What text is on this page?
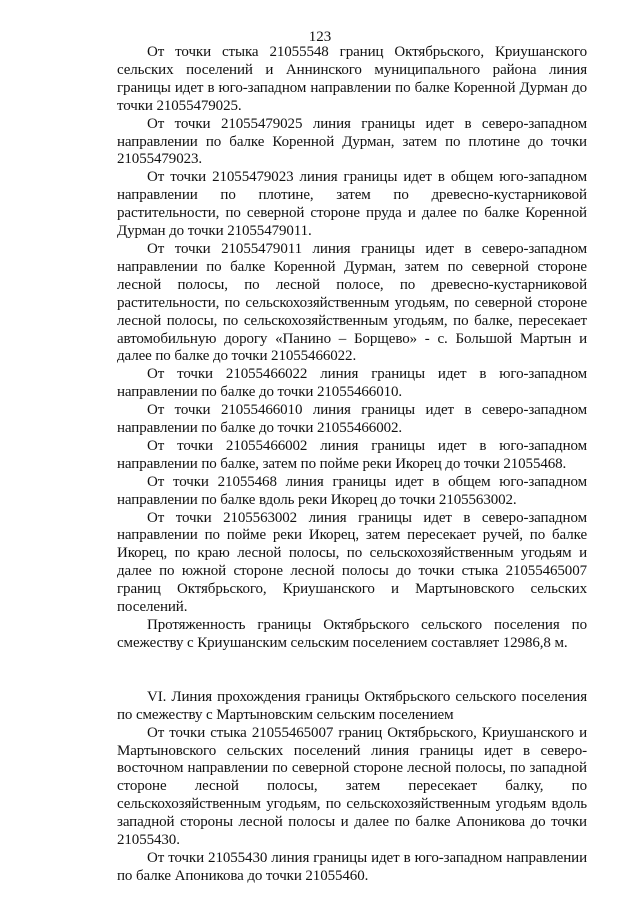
123

От точки стыка 21055548 границ Октябрьского, Криушанского сельских поселений и Аннинского муниципального района линия границы идет в юго-западном направлении по балке Коренной Дурман до точки 21055479025.

От точки 21055479025 линия границы идет в северо-западном направлении по балке Коренной Дурман, затем по плотине до точки 21055479023.

От точки 21055479023 линия границы идет в общем юго-западном направлении по плотине, затем по древесно-кустарниковой растительности, по северной стороне пруда и далее по балке Коренной Дурман до точки 21055479011.

От точки 21055479011 линия границы идет в северо-западном направлении по балке Коренной Дурман, затем по северной стороне лесной полосы, по лесной полосе, по древесно-кустарниковой растительности, по сельскохозяйственным угодьям, по северной стороне лесной полосы, по сельскохозяйственным угодьям, по балке, пересекает автомобильную дорогу «Панино – Борщево» - с. Большой Мартын и далее по балке до точки 21055466022.

От точки 21055466022 линия границы идет в юго-западном направлении по балке до точки 21055466010.

От точки 21055466010 линия границы идет в северо-западном направлении по балке до точки 21055466002.

От точки 21055466002 линия границы идет в юго-западном направлении по балке, затем по пойме реки Икорец до точки 21055468.

От точки 21055468 линия границы идет в общем юго-западном направлении по балке вдоль реки Икорец до точки 2105563002.

От точки 2105563002 линия границы идет в северо-западном направлении по пойме реки Икорец, затем пересекает ручей, по балке Икорец, по краю лесной полосы, по сельскохозяйственным угодьям и далее по южной стороне лесной полосы до точки стыка 21055465007 границ Октябрьского, Криушанского и Мартыновского сельских поселений.

Протяженность границы Октябрьского сельского поселения по смежеству с Криушанским сельским поселением составляет 12986,8 м.

VI. Линия прохождения границы Октябрьского сельского поселения по смежеству с Мартыновским сельским поселением

От точки стыка 21055465007 границ Октябрьского, Криушанского и Мартыновского сельских поселений линия границы идет в северо-восточном направлении по северной стороне лесной полосы, по западной стороне лесной полосы, затем пересекает балку, по сельскохозяйственным угодьям, по сельскохозяйственным угодьям вдоль западной стороны лесной полосы и далее по балке Апоникова до точки 21055430.

От точки 21055430 линия границы идет в юго-западном направлении по балке Апоникова до точки 21055460.
